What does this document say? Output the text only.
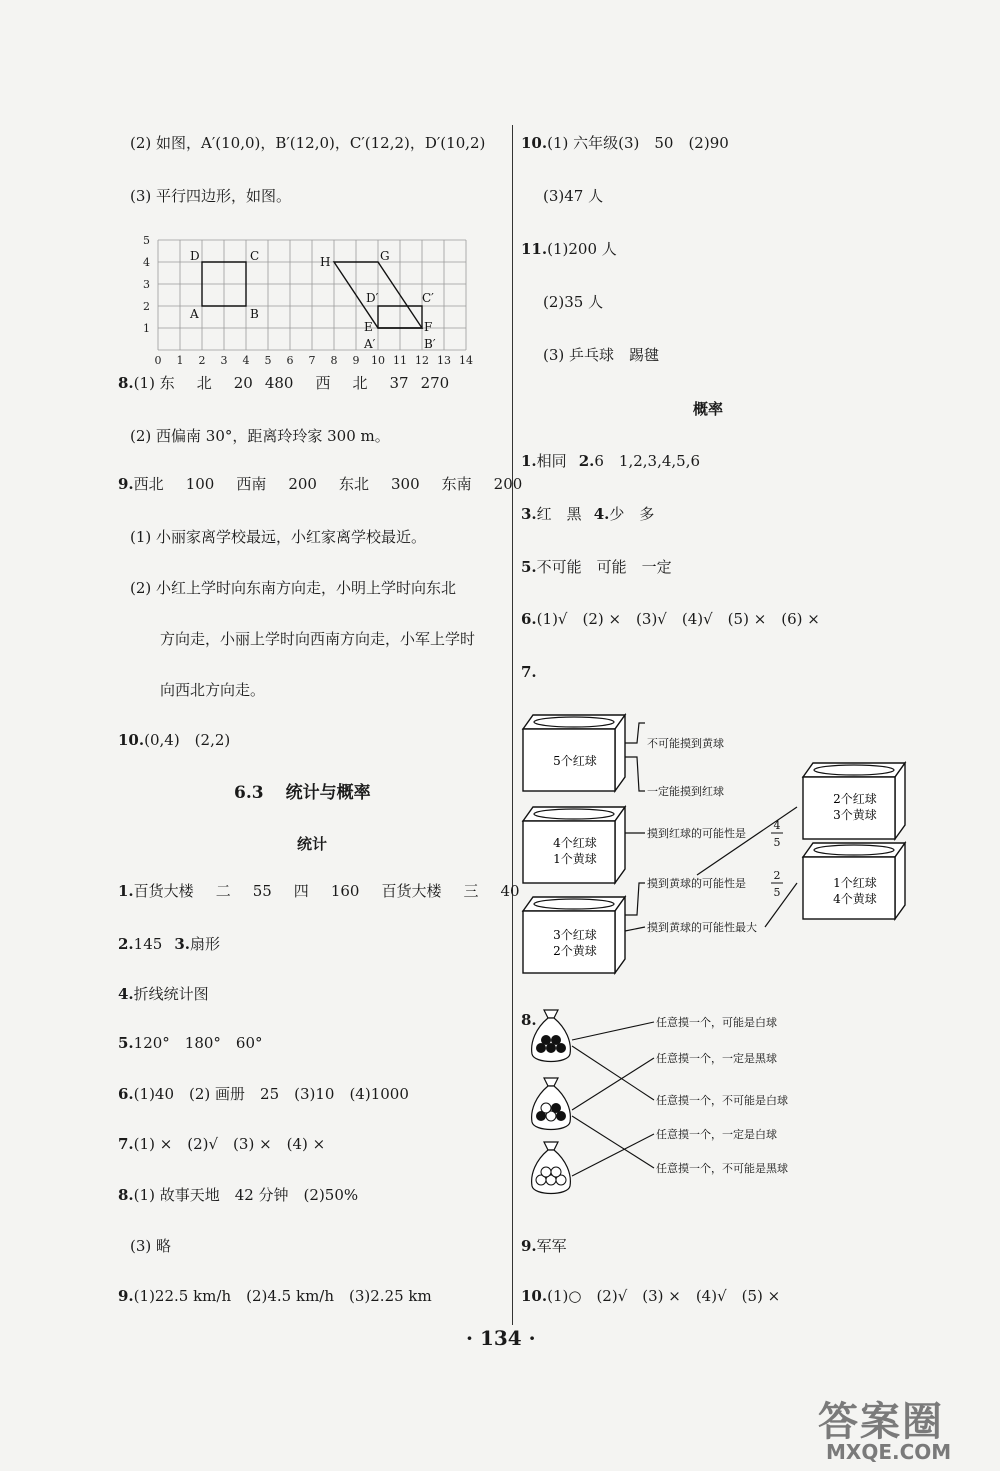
(2) 如图，A′(10,0)，B′(12,0)，C′(12,2)，D′(10,2)
(3) 平行四边形，如图。
0 1 2 3 4 5 6 7 8 9 10 11 12 13 14
5
4
3
2
1
D	C
A	B
H	G
D′	C′
E	F
A′	B′
8.(1) 东 北 20 480 西 北 37 270
(2) 西偏南 30°，距离玲玲家 300 m。
9.西北 100 西南 200 东北 300 东南 200
(1) 小丽家离学校最远，小红家离学校最近。
(2) 小红上学时向东南方向走，小明上学时向东北
方向走，小丽上学时向西南方向走，小军上学时
向西北方向走。
10.(0,4)　(2,2)
6.3 统计与概率
统计
1.百货大楼 二 55 四 160 百货大楼 三 40
2.145 3.扇形
4.折线统计图
5.120°　180°　60°
6.(1)40　(2) 画册　25　(3)10　(4)1000
7.(1) ×　(2)√　(3) ×　(4) ×
8.(1) 故事天地　42 分钟　(2)50%
(3) 略
9.(1)22.5 km/h　(2)4.5 km/h　(3)2.25 km
10.(1) 六年级(3)　50　(2)90
(3)47 人
11.(1)200 人
(2)35 人
(3) 乒乓球　踢毽
概率
1.相同 2.6　1,2,3,4,5,6
3.红　黑 4.少　多
5.不可能　可能　一定
6.(1)√　(2) ×　(3)√　(4)√　(5) ×　(6) ×
7.
5个红球
4个红球
1个黄球
3个红球
2个黄球
2个红球
3个黄球
1个红球
4个黄球
不可能摸到黄球
一定能摸到红球
摸到红球的可能性是
摸到黄球的可能性是
摸到黄球的可能性最大
4
5
2
5
8.	任意摸一个，可能是白球
任意摸一个，一定是黑球
任意摸一个，不可能是白球
任意摸一个，一定是白球
任意摸一个，不可能是黑球
9.军军
10.(1)○　(2)√　(3) ×　(4)√　(5) ×
· 134 ·
答案圈
MXQE.COM
